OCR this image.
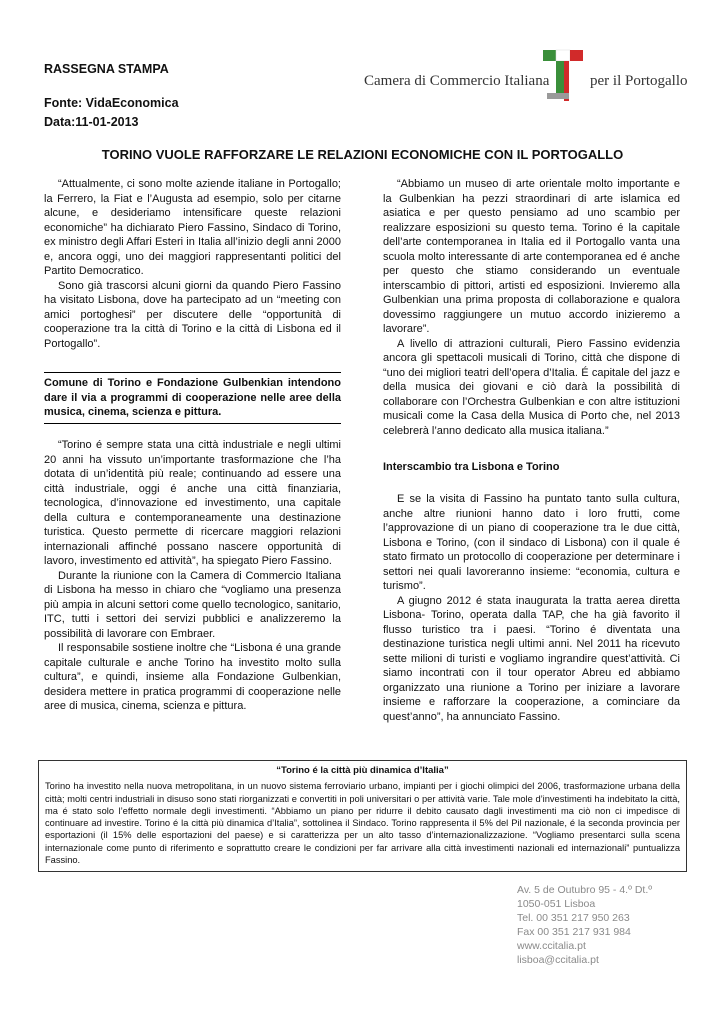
RASSEGNA STAMPA
Fonte: VidaEconomica
Data:11-01-2013
Camera di Commercio Italiana	per il Portogallo
TORINO VUOLE RAFFORZARE LE RELAZIONI ECONOMICHE CON IL PORTOGALLO

“Attualmente, ci sono molte aziende italiane in Portogallo; la Ferrero, la Fiat e l’Augusta ad esempio, solo per citarne alcune, e desideriamo intensificare queste relazioni economiche” ha dichiarato Piero Fassino, Sindaco di Torino, ex ministro degli Affari Esteri in Italia all’inizio degli anni 2000 e, ancora oggi, uno dei maggiori rappresentanti politici del Partito Democratico.

Sono già trascorsi alcuni giorni da quando Piero Fassino ha visitato Lisbona, dove ha partecipato ad un “meeting con amici portoghesi” per discutere delle “opportunità di cooperazione tra la città di Torino e la città di Lisbona ed il Portogallo”.

Comune di Torino e Fondazione Gulbenkian intendono dare il via a programmi di cooperazione nelle aree della musica, cinema, scienza e pittura.

“Torino é sempre stata una città industriale e negli ultimi 20 anni ha vissuto un’importante trasformazione che l’ha dotata di un’identità più reale; continuando ad essere una città industriale, oggi é anche una città finanziaria, tecnologica, d’innovazione ed investimento, una capitale della cultura e contemporaneamente una destinazione turistica. Questo permette di ricercare maggiori relazioni internazionali affinché possano nascere opportunità di lavoro, investimento ed attività”, ha spiegato Piero Fassino.

Durante la riunione con la Camera di Commercio Italiana di Lisbona ha messo in chiaro che “vogliamo una presenza più ampia in alcuni settori come quello tecnologico, sanitario, ITC, tutti i settori dei servizi pubblici e analizzeremo la possibilità di lavorare con Embraer.

Il responsabile sostiene inoltre che “Lisbona é una grande capitale culturale e anche Torino ha investito molto sulla cultura”, e quindi, insieme alla Fondazione Gulbenkian, desidera mettere in pratica programmi di cooperazione nelle aree di musica, cinema, scienza e pittura.

“Abbiamo un museo di arte orientale molto importante e la Gulbenkian ha pezzi straordinari di arte islamica ed asiatica e per questo pensiamo ad uno scambio per realizzare esposizioni su questo tema. Torino é la capitale dell’arte contemporanea in Italia ed il Portogallo vanta una scuola molto interessante di arte contemporanea ed é anche per questo che stiamo considerando un eventuale interscambio di pittori, artisti ed esposizioni. Invieremo alla Gulbenkian una prima proposta di collaborazione e qualora dovessimo raggiungere un mutuo accordo inizieremo a lavorare”.

A livello di attrazioni culturali, Piero Fassino evidenzia ancora gli spettacoli musicali di Torino, città che dispone di “uno dei migliori teatri dell’opera d’Italia. É capitale del jazz e della musica dei giovani e ciò darà la possibilità di collaborare con l’Orchestra Gulbenkian e con altre istituzioni musicali come la Casa della Musica di Porto che, nel 2013 celebrerà l’anno dedicato alla musica italiana.”

Interscambio tra Lisbona e Torino

E se la visita di Fassino ha puntato tanto sulla cultura, anche altre riunioni hanno dato i loro frutti, come l’approvazione di un piano di cooperazione tra le due città, Lisbona e Torino, (con il sindaco di Lisbona) con il quale é stato firmato un protocollo di cooperazione per determinare i settori nei quali lavoreranno insieme: “economia, cultura e turismo”.

A giugno 2012 é stata inaugurata la tratta aerea diretta Lisbona- Torino, operata dalla TAP, che ha già favorito il flusso turistico tra i paesi. “Torino é diventata una destinazione turistica negli ultimi anni. Nel 2011 ha ricevuto sette milioni di turisti e vogliamo ingrandire quest’attività. Ci siamo incontrati con il tour operator Abreu ed abbiamo organizzato una riunione a Torino per iniziare a lavorare insieme e rafforzare la cooperazione, a cominciare da quest’anno”, ha annunciato Fassino.

“Torino é la città più dinamica d’Italia”
Torino ha investito nella nuova metropolitana, in un nuovo sistema ferroviario urbano, impianti per i giochi olimpici del 2006, trasformazione urbana della città; molti centri industriali in disuso sono stati riorganizzati e convertiti in poli universitari o per attività varie. Tale mole d’investimenti ha indebitato la città, ma é stato solo l’effetto normale degli investimenti. “Abbiamo un piano per ridurre il debito causato dagli investimenti ma ciò non ci impedisce di continuare ad investire. Torino é la città più dinamica d’Italia”, sottolinea il Sindaco. Torino rappresenta il 5% del Pil nazionale, é la seconda provincia per esportazioni (il 15% delle esportazioni del paese) e si caratterizza per un alto tasso d’internazionalizzazione. “Vogliamo presentarci sulla scena internazionale come punto di riferimento e soprattutto creare le condizioni per far arrivare alla città investimenti nazionali ed internazionali” puntualizza Fassino.
Av. 5 de Outubro 95 - 4.º Dt.º
1050-051 Lisboa
Tel. 00 351 217 950 263
Fax 00 351 217 931 984
www.ccitalia.pt
lisboa@ccitalia.pt
